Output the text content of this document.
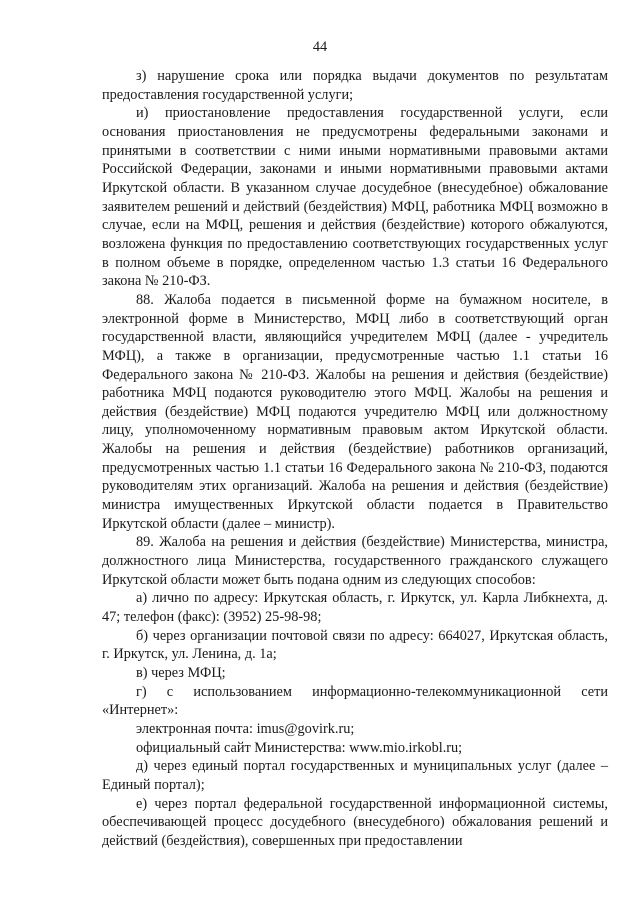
44

з) нарушение срока или порядка выдачи документов по результатам предоставления государственной услуги;

и) приостановление предоставления государственной услуги, если основания приостановления не предусмотрены федеральными законами и принятыми в соответствии с ними иными нормативными правовыми актами Российской Федерации, законами и иными нормативными правовыми актами Иркутской области. В указанном случае досудебное (внесудебное) обжалование заявителем решений и действий (бездействия) МФЦ, работника МФЦ возможно в случае, если на МФЦ, решения и действия (бездействие) которого обжалуются, возложена функция по предоставлению соответствующих государственных услуг в полном объеме в порядке, определенном частью 1.3 статьи 16 Федерального закона № 210-ФЗ.

88. Жалоба подается в письменной форме на бумажном носителе, в электронной форме в Министерство, МФЦ либо в соответствующий орган государственной власти, являющийся учредителем МФЦ (далее - учредитель МФЦ), а также в организации, предусмотренные частью 1.1 статьи 16 Федерального закона № 210-ФЗ. Жалобы на решения и действия (бездействие) работника МФЦ подаются руководителю этого МФЦ. Жалобы на решения и действия (бездействие) МФЦ подаются учредителю МФЦ или должностному лицу, уполномоченному нормативным правовым актом Иркутской области. Жалобы на решения и действия (бездействие) работников организаций, предусмотренных частью 1.1 статьи 16 Федерального закона № 210-ФЗ, подаются руководителям этих организаций. Жалоба на решения и действия (бездействие) министра имущественных Иркутской области подается в Правительство Иркутской области (далее – министр).

89. Жалоба на решения и действия (бездействие) Министерства, министра, должностного лица Министерства, государственного гражданского служащего Иркутской области может быть подана одним из следующих способов:

а) лично по адресу: Иркутская область, г. Иркутск, ул. Карла Либкнехта, д. 47; телефон (факс): (3952) 25-98-98;

б) через организации почтовой связи по адресу: 664027, Иркутская область, г. Иркутск, ул. Ленина, д. 1а;

в) через МФЦ;

г) с использованием информационно-телекоммуникационной сети «Интернет»:

электронная почта: imus@govirk.ru;

официальный сайт Министерства: www.mio.irkobl.ru;

д) через единый портал государственных и муниципальных услуг (далее – Единый портал);

е) через портал федеральной государственной информационной системы, обеспечивающей процесс досудебного (внесудебного) обжалования решений и действий (бездействия), совершенных при предоставлении
